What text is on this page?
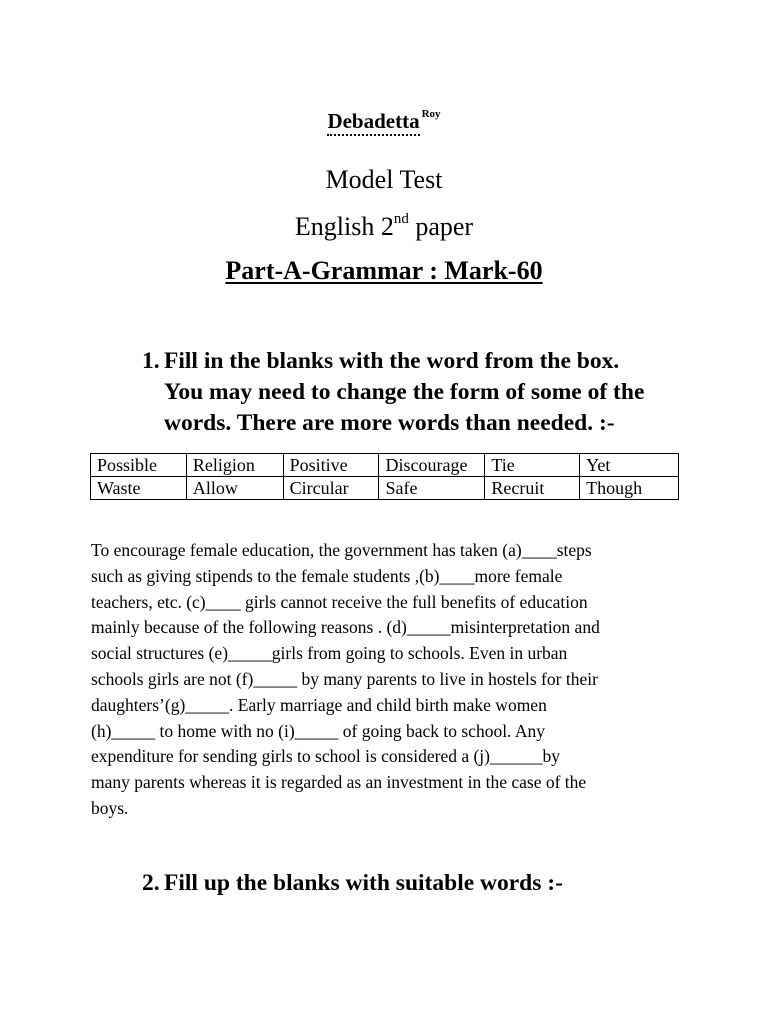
Debadetta $^{Roy}$
Model Test
English 2nd paper
Part-A-Grammar : Mark-60
1. Fill in the blanks with the word from the box.
You may need to change the form of some of the
words. There are more words than needed. :-
Possible	Religion	Positive	Discourage	Tie	Yet
Waste	Allow	Circular	Safe	Recruit	Though
To encourage female education, the government has taken (a)____steps
such as giving stipends to the female students ,(b)____more female
teachers, etc. (c)____ girls cannot receive the full benefits of education
mainly because of the following reasons . (d)_____misinterpretation and
social structures (e)_____girls from going to schools. Even in urban
schools girls are not (f)_____ by many parents to live in hostels for their
daughters’(g)_____. Early marriage and child birth make women
(h)_____ to home with no (i)_____ of going back to school. Any
expenditure for sending girls to school is considered a (j)______by
many parents whereas it is regarded as an investment in the case of the
boys.
2. Fill up the blanks with suitable words :-
